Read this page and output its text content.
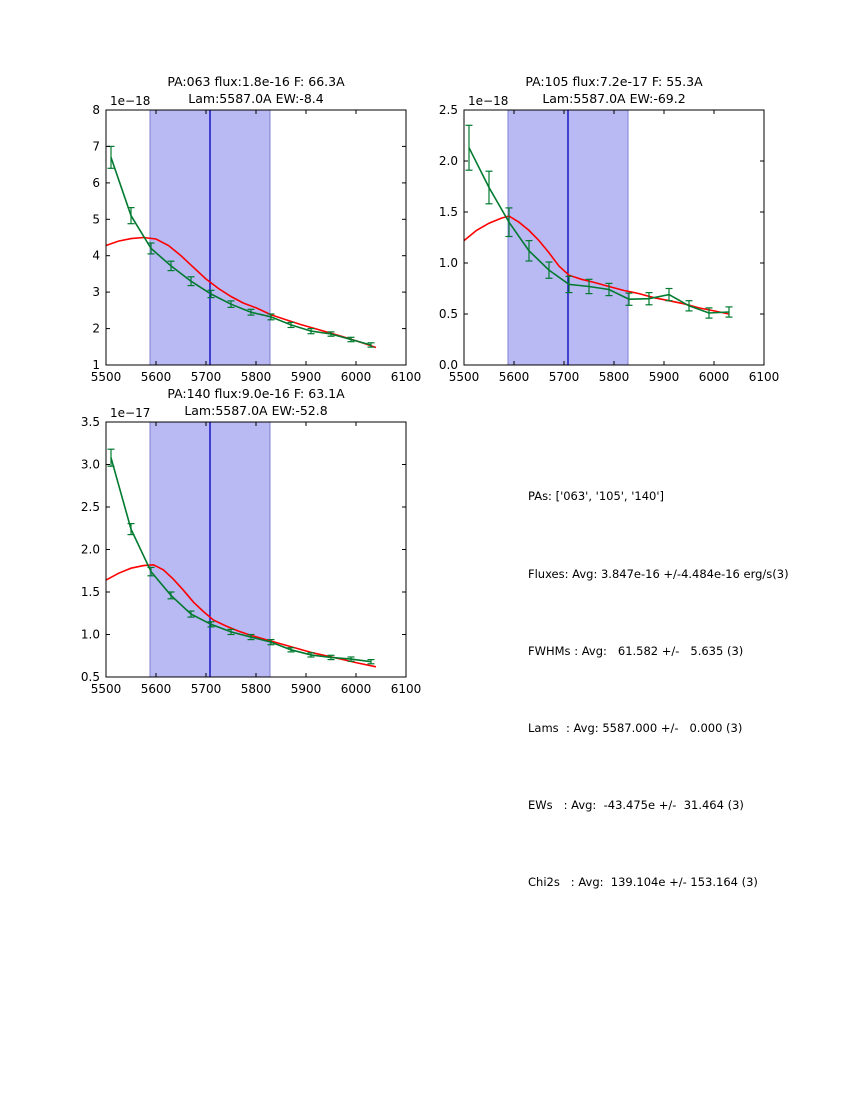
5500 5600 5700 5800 5900 6000 6100
1
2
3
4
5
6
7
8
PA:063 flux:1.8e-16 F: 66.3A
Lam:5587.0A EW:-8.4
1e−18
5500 5600 5700 5800 5900 6000 6100
0.0
0.5
1.0
1.5
2.0
2.5
PA:105 flux:7.2e-17 F: 55.3A
Lam:5587.0A EW:-69.2
1e−18
5500 5600 5700 5800 5900 6000 6100
0.5
1.0
1.5
2.0
2.5
3.0
3.5
PA:140 flux:9.0e-16 F: 63.1A
Lam:5587.0A EW:-52.8
1e−17

PAs: ['063', '105', '140']

Fluxes: Avg: 3.847e-16 +/-4.484e-16 erg/s(3)

FWHMs : Avg:   61.582 +/-   5.635 (3)

Lams  : Avg: 5587.000 +/-   0.000 (3)

EWs   : Avg:  -43.475e +/-  31.464 (3)

Chi2s   : Avg:  139.104e +/- 153.164 (3)
